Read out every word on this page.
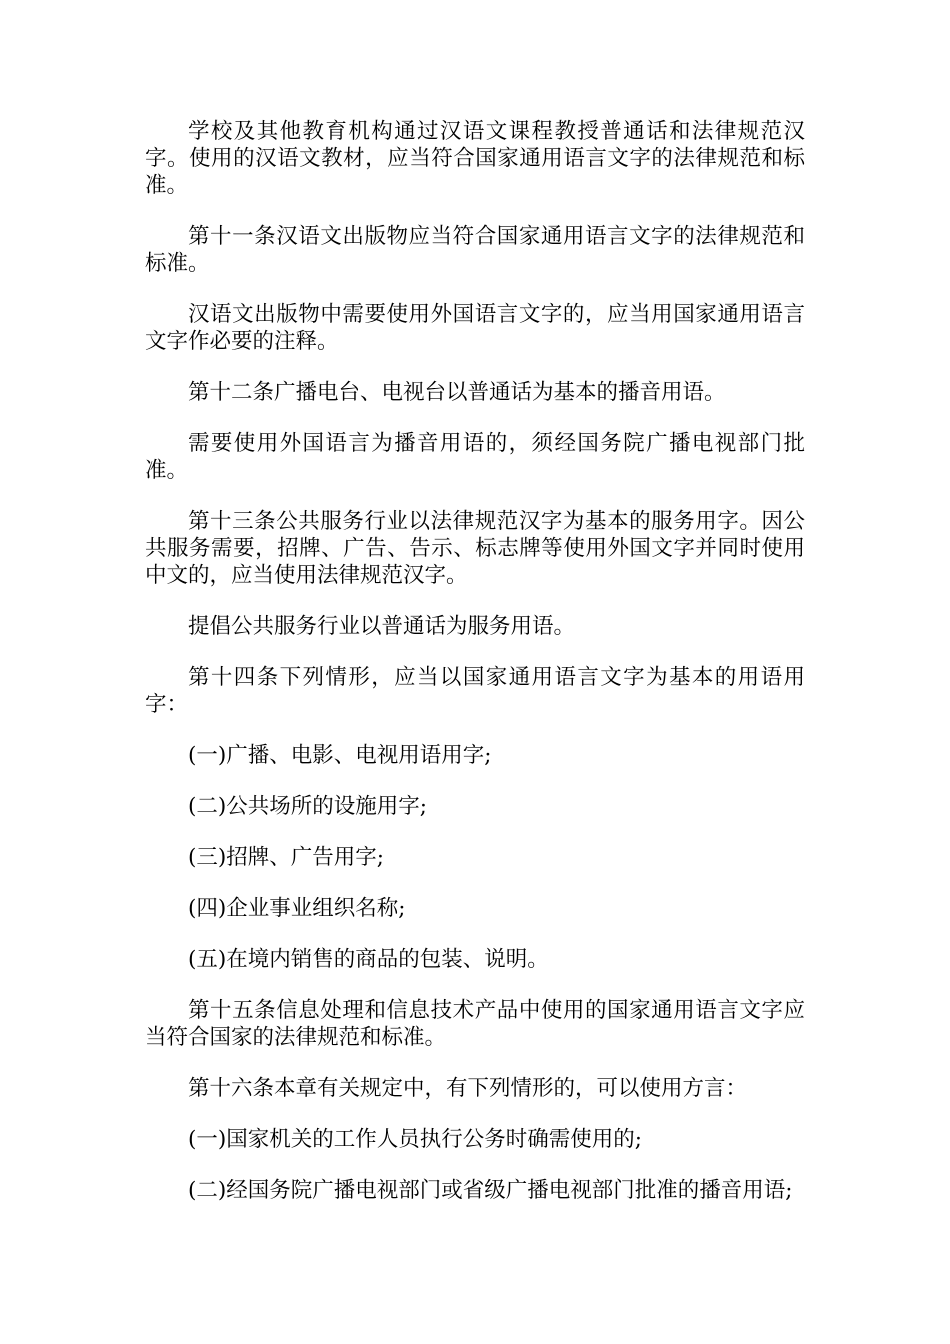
学校及其他教育机构通过汉语文课程教授普通话和法律规范汉字。使用的汉语文教材，应当符合国家通用语言文字的法律规范和标准。

第十一条汉语文出版物应当符合国家通用语言文字的法律规范和标准。

汉语文出版物中需要使用外国语言文字的，应当用国家通用语言文字作必要的注释。

第十二条广播电台、电视台以普通话为基本的播音用语。

需要使用外国语言为播音用语的，须经国务院广播电视部门批准。

第十三条公共服务行业以法律规范汉字为基本的服务用字。因公共服务需要，招牌、广告、告示、标志牌等使用外国文字并同时使用中文的，应当使用法律规范汉字。

提倡公共服务行业以普通话为服务用语。

第十四条下列情形，应当以国家通用语言文字为基本的用语用字：

(一)广播、电影、电视用语用字;

(二)公共场所的设施用字;

(三)招牌、广告用字;

(四)企业事业组织名称;

(五)在境内销售的商品的包装、说明。

第十五条信息处理和信息技术产品中使用的国家通用语言文字应当符合国家的法律规范和标准。

第十六条本章有关规定中，有下列情形的，可以使用方言：

(一)国家机关的工作人员执行公务时确需使用的;

(二)经国务院广播电视部门或省级广播电视部门批准的播音用语;
